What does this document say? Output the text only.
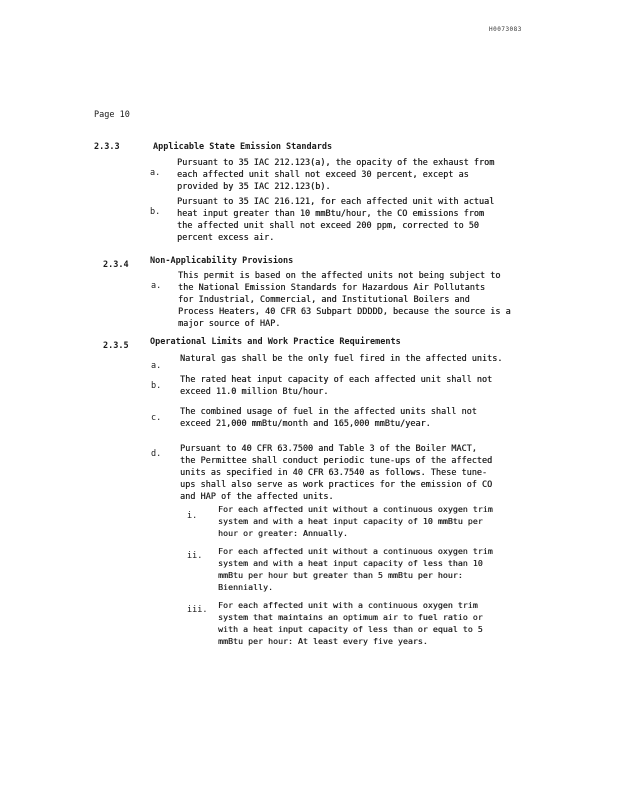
H0073083
Page 10
2.3.3	Applicable State Emission Standards
a.
Pursuant to 35 IAC 212.123(a), the opacity of the exhaust from
each affected unit shall not exceed 30 percent, except as
provided by 35 IAC 212.123(b).
b.
Pursuant to 35 IAC 216.121, for each affected unit with actual
heat input greater than 10 mmBtu/hour, the CO emissions from
the affected unit shall not exceed 200 ppm, corrected to 50
percent excess air.
2.3.4	Non-Applicability Provisions
a.
This permit is based on the affected units not being subject to
the National Emission Standards for Hazardous Air Pollutants
for Industrial, Commercial, and Institutional Boilers and
Process Heaters, 40 CFR 63 Subpart DDDDD, because the source is a
major source of HAP.
2.3.5	Operational Limits and Work Practice Requirements
a.
Natural gas shall be the only fuel fired in the affected units.
b.
The rated heat input capacity of each affected unit shall not
exceed 11.0 million Btu/hour.
c.
The combined usage of fuel in the affected units shall not
exceed 21,000 mmBtu/month and 165,000 mmBtu/year.
d. Pursuant to 40 CFR 63.7500 and Table 3 of the Boiler MACT,
the Permittee shall conduct periodic tune-ups of the affected
units as specified in 40 CFR 63.7540 as follows. These tune-
ups shall also serve as work practices for the emission of CO
and HAP of the affected units.
i.
For each affected unit without a continuous oxygen trim
system and with a heat input capacity of 10 mmBtu per
hour or greater: Annually.
ii. For each affected unit without a continuous oxygen trim
system and with a heat input capacity of less than 10
mmBtu per hour but greater than 5 mmBtu per hour:
Biennially.
iii. For each affected unit with a continuous oxygen trim
system that maintains an optimum air to fuel ratio or
with a heat input capacity of less than or equal to 5
mmBtu per hour: At least every five years.
